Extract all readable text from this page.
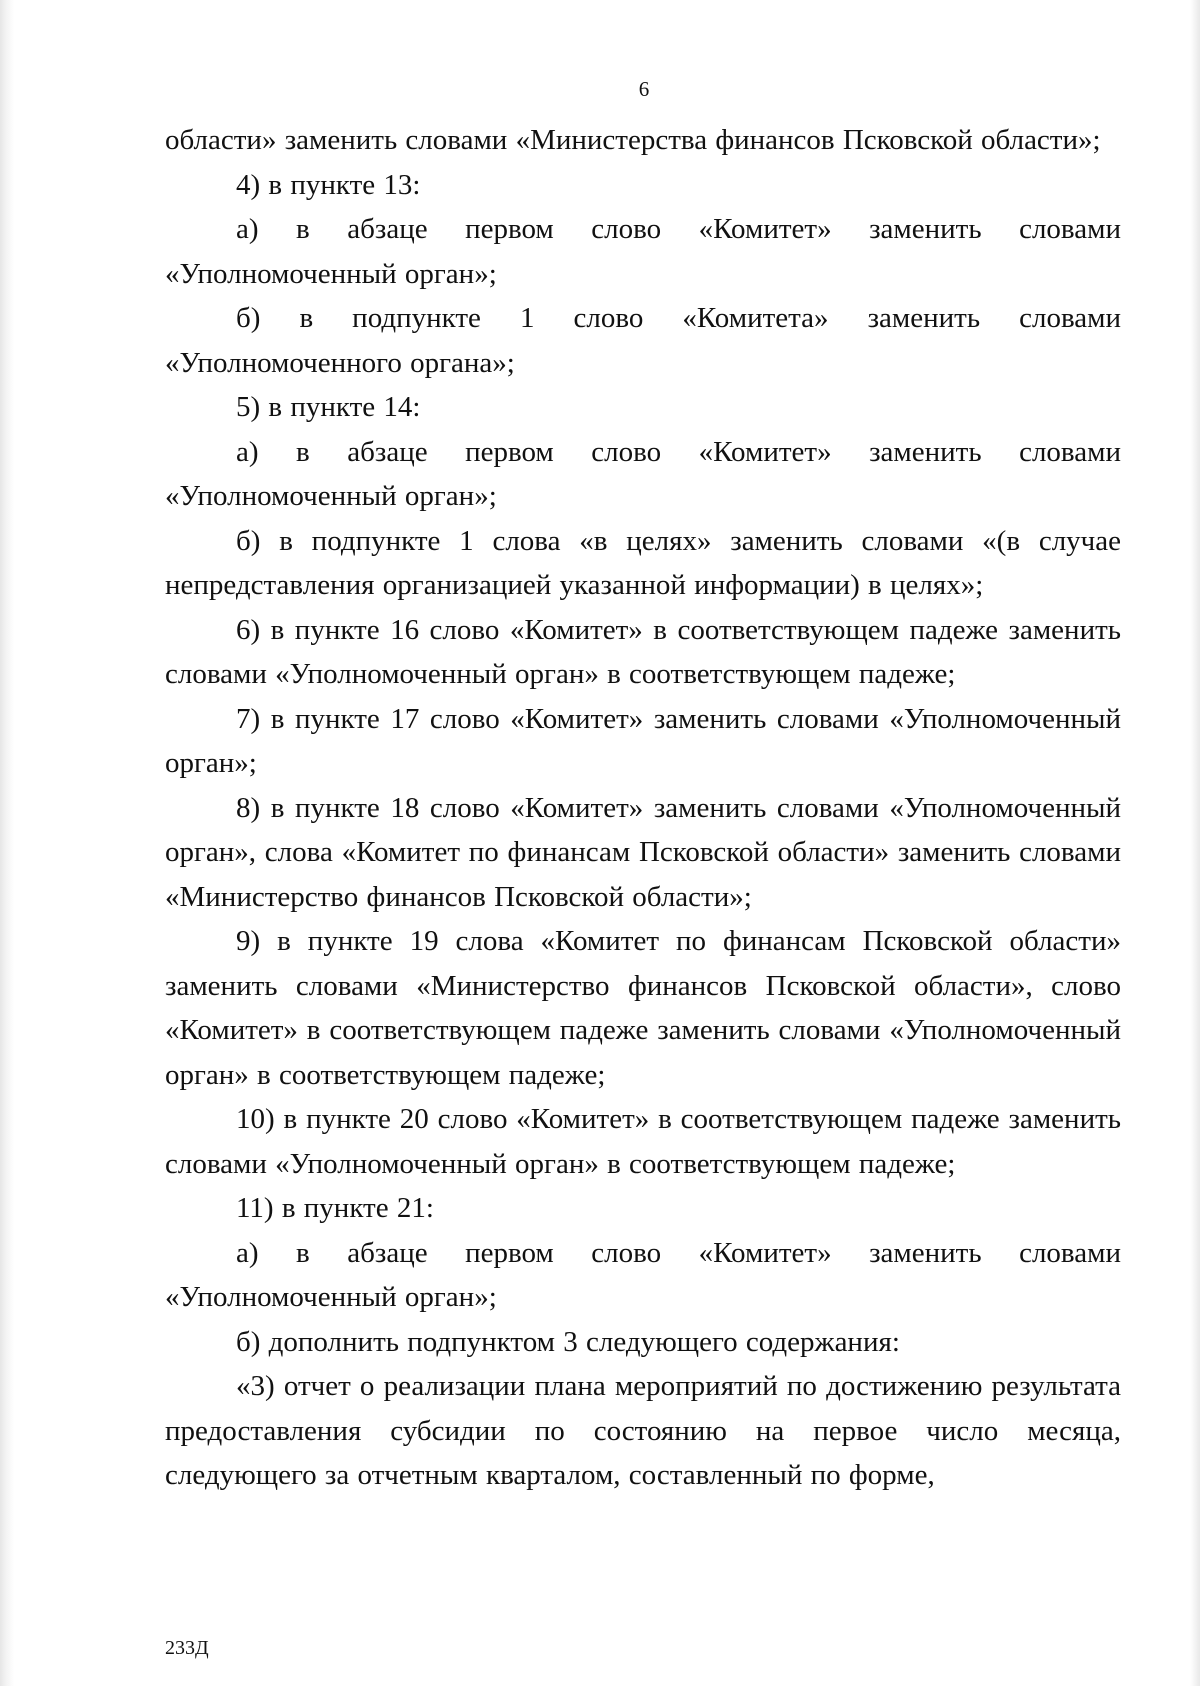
6

области» заменить словами «Министерства финансов Псковской области»;

4) в пункте 13:

а) в абзаце первом слово «Комитет» заменить словами «Уполномоченный орган»;

б) в подпункте 1 слово «Комитета» заменить словами «Уполномоченного органа»;

5) в пункте 14:

а) в абзаце первом слово «Комитет» заменить словами «Уполномоченный орган»;

б) в подпункте 1 слова «в целях» заменить словами «(в случае непредставления организацией указанной информации) в целях»;

6) в пункте 16 слово «Комитет» в соответствующем падеже заменить словами «Уполномоченный орган» в соответствующем падеже;

7) в пункте 17 слово «Комитет» заменить словами «Уполномоченный орган»;

8) в пункте 18 слово «Комитет» заменить словами «Уполномоченный орган», слова «Комитет по финансам Псковской области» заменить словами «Министерство финансов Псковской области»;

9) в пункте 19 слова «Комитет по финансам Псковской области» заменить словами «Министерство финансов Псковской области», слово «Комитет» в соответствующем падеже заменить словами «Уполномоченный орган» в соответствующем падеже;

10) в пункте 20 слово «Комитет» в соответствующем падеже заменить словами «Уполномоченный орган» в соответствующем падеже;

11) в пункте 21:

а) в абзаце первом слово «Комитет» заменить словами «Уполномоченный орган»;

б) дополнить подпунктом 3 следующего содержания:

«3) отчет о реализации плана мероприятий по достижению результата предоставления субсидии по состоянию на первое число месяца, следующего за отчетным кварталом, составленный по форме,

233Д
